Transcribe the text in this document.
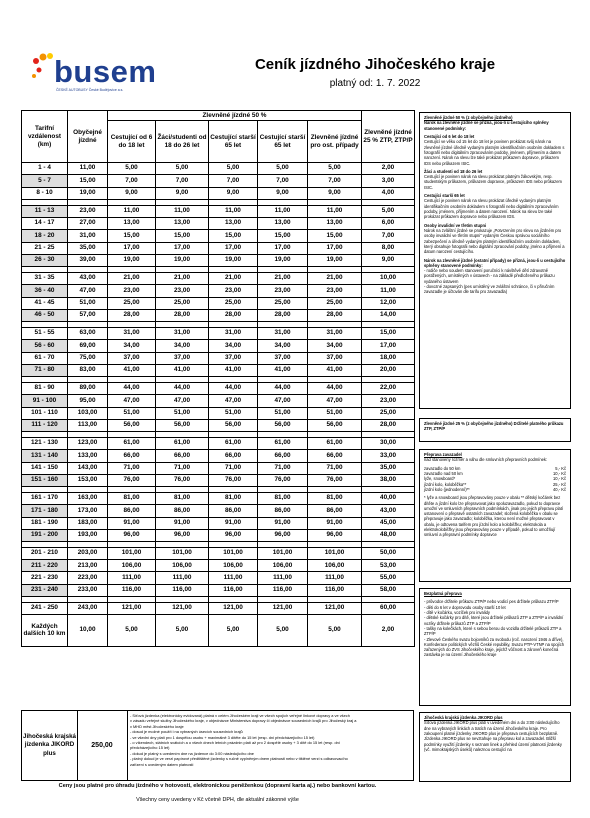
busem
ČESKÉ AUTOBUSY České Budějovice a.s.
Ceník jízdného Jihočeského kraje
platný od: 1. 7. 2022
Tarifní vzdálenost (km)	Obyčejné jízdné	Zlevněné jízdné 50 %					Zlevněné jízdné 25 % ZTP, ZTP/P
		Cestující od 6 do 18 let	Žáci/studenti od 18 do 26 let	Cestující starší 65 let	Cestující starší 65 let	Zlevněné jízdné pro ost. případy	
1 - 4	11,00	5,00	5,00	5,00	5,00	5,00	2,00
5 - 7	15,00	7,00	7,00	7,00	7,00	7,00	3,00
8 - 10	19,00	9,00	9,00	9,00	9,00	9,00	4,00

11 - 13	23,00	11,00	11,00	11,00	11,00	11,00	5,00
14 - 17	27,00	13,00	13,00	13,00	13,00	13,00	6,00
18 - 20	31,00	15,00	15,00	15,00	15,00	15,00	7,00
21 - 25	35,00	17,00	17,00	17,00	17,00	17,00	8,00
26 - 30	39,00	19,00	19,00	19,00	19,00	19,00	9,00

31 - 35	43,00	21,00	21,00	21,00	21,00	21,00	10,00
36 - 40	47,00	23,00	23,00	23,00	23,00	23,00	11,00
41 - 45	51,00	25,00	25,00	25,00	25,00	25,00	12,00
46 - 50	57,00	28,00	28,00	28,00	28,00	28,00	14,00

51 - 55	63,00	31,00	31,00	31,00	31,00	31,00	15,00
56 - 60	69,00	34,00	34,00	34,00	34,00	34,00	17,00
61 - 70	75,00	37,00	37,00	37,00	37,00	37,00	18,00
71 - 80	83,00	41,00	41,00	41,00	41,00	41,00	20,00

81 - 90	89,00	44,00	44,00	44,00	44,00	44,00	22,00
91 - 100	95,00	47,00	47,00	47,00	47,00	47,00	23,00
101 - 110	103,00	51,00	51,00	51,00	51,00	51,00	25,00
111 - 120	113,00	56,00	56,00	56,00	56,00	56,00	28,00

121 - 130	123,00	61,00	61,00	61,00	61,00	61,00	30,00
131 - 140	133,00	66,00	66,00	66,00	66,00	66,00	33,00
141 - 150	143,00	71,00	71,00	71,00	71,00	71,00	35,00
151 - 160	153,00	76,00	76,00	76,00	76,00	76,00	38,00

161 - 170	163,00	81,00	81,00	81,00	81,00	81,00	40,00
171 - 180	173,00	86,00	86,00	86,00	86,00	86,00	43,00
181 - 190	183,00	91,00	91,00	91,00	91,00	91,00	45,00
191 - 200	193,00	96,00	96,00	96,00	96,00	96,00	48,00

201 - 210	203,00	101,00	101,00	101,00	101,00	101,00	50,00
211 - 220	213,00	106,00	106,00	106,00	106,00	106,00	53,00
221 - 230	223,00	111,00	111,00	111,00	111,00	111,00	55,00
231 - 240	233,00	116,00	116,00	116,00	116,00	116,00	58,00

241 - 250	243,00	121,00	121,00	121,00	121,00	121,00	60,00
Každých dalších 10 km	10,00	5,00	5,00	5,00	5,00	5,00	2,00
Jihočeská krajská jízdenka JIKORD plus
250,00
- Síťová jízdenka (elektronicky evidovaná) platná v celém Jihočeském kraji ve všech spojích veřejné linkové dopravy a ve všech
v zásadu veřejné služby Jihočeského kraje, v objednávce Ministerstva dopravy či objednávce sousedních krajů pro Jihočeský kraj a
v MHD měst Jihočeského kraje
- dosud je možné použít i na vybraných úsecích sousedních krajů
- ve všední dny platí pro 1 dospělou osobu + maximálně 3 dítěte do 15 let (resp. dni předcházejícího 15 let)
- o víkendech, státních svátcích a o všech dnech letních prázdnin platí až pro 2 dospělé osoby + 3 dítě do 15 let (resp. dni
předcházejícího 15 let)
- dokud je platný s uvedením dne na jízdence do 3:00 následujícího dne
- platný dokud je ve verzi papírové předtištěné jízdenky s ručně vyplněným dnem platnosti nebo v tištěné verzi s odbavovacího
zařízení s uvedeným datem platnosti
Ceny jsou platné pro úhradu jízdného v hotovosti, elektronickou peněženkou (dopravní karta aj.) nebo bankovní kartou.
Všechny ceny uvedeny v Kč včetně DPH, dle aktuální zákonné výše

Zlevněné jízdné 50 % (z obyčejného jízdného)
Nárok na zlevněné jízdné se přizná, jsou-li u cestujícího splněny stanovené podmínky:

Cestující od 6 let do 18 let
Cestující ve věku od 15 let do 18 let je povinen prokázat svůj nárok na zlevněné jízdné úředně vydaným platným identifikačním osobním dokladem s fotografií nebo digitálním zpracováním podoby, jménem, příjmením a datem narození. Nárok na slevu lze také prokázat průkazem dopravce, průkazem IDS nebo průkazem ISIC.

Žáci a studenti od 18 do 26 let
Cestující je povinen nárok na slevu prokázat platným žákovským, resp. studentským průkazem, průkazem dopravce, průkazem IDS nebo průkazem ISIC.

Cestující starší 65 let
Cestující je povinen nárok na slevu prokázat úředně vydaným platným identifikačním osobním dokladem s fotografií nebo digitálním zpracováním podoby, jménem, příjmením a datem narození. Nárok na slevu lze také prokázat průkazem dopravce nebo průkazem IDS.

Osoby invalidní ve třetím stupni
Nárok na zvláštní jízdné se prokazuje „Potvrzením pro slevu na jízdném pro osoby invalidní ve třetím stupni" vydaným Českou správou sociálního zabezpečení a úředně vydaným platným identifikačním osobním dokladem, který obsahuje fotografii nebo digitální zpracování podoby, jméno a příjmení a datum narození cestujícího.

Nárok na zlevněné jízdné (ostatní případy) se přizná, jsou-li u cestujícího splněny stanovené podmínky:
- rodiče nebo soudem stanovení poručníci k návštěvě dětí zdravotně postižených, umístěných v ústavech - na základě předloženého průkazu vydaného ústavem
- dovozné zapsaných (pes umístěný ve zvláštní schránce, či v přiručním zavazadle je účtován dle tarifu pro zavazadla)

Zlevněné jízdné 25 % (z obyčejného jízdného) Držitelé platného průkazu ZTP, ZTP/P

Přeprava zavazadel
nad stanovený rozměr a váhu dle smluvních přepravních podmínek:

zavazadlo do 50 km	5,- Kč
zavazadlo nad 50 km	10,- Kč
lyže, snowboard*	10,- Kč
jízdní kolo, koloběžka**	25,- Kč
jízdní kolo (jednodenní)**	40,- Kč

* lyže a snowboard jsou přepravovány pouze v obalu ** dětský kočárek bez dítěte a jízdní kolo lze přepravovat jako spoluzavazadlo, pokud to dopravce umožní ve smluvních přepravních podmínkách, jinak pro jejich přepravu platí ustanovení o přepravě ostatních zavazadel; složená koloběžka v obalu se přepravuje jako zavazadlo; koloběžka, kterou není možné přepravovat v obalu, je odtovena tarifem pro jízdní kolo a koloběžku; elektrokola a elektrokoloběžky jsou přepravovány pouze v případě, pokud to umožňují smluvní a přepravní podmínky dopravce

Bezplatná přeprava

- průvodce držitele průkazu ZTP/P nebo vodicí pes držitele průkazu ZTP/P
- děti do 6 let v doprovodu osoby starší 10 let
- dítě v kočárku, vozíček pro invalidy
- dětské kočárky pro dítě, které jsou držitelé průkazů ZTP a ZTP/P a invalidní vozíky držitele průkazů ZTP a ZTP/P
- tašky na kolečkách, které s sebou berou do vozidla držitelé průkazů ZTP a ZTP/P
- Zlevové Českého svazu bojovníků za svobodu (roč. narození 1946 a dříve), Konfederace politických vězňů České republiky, Svazu PTP-VTNP na spojích zařazených do ZVS Jihočeského kraje, jejichž vůčnost a zároveň konečná zastávka je na území Jihočeského kraje

Jihočeská krajská jízdenka JIKORD plus
Síťová jízdenka JIKORD plus platí v uvedeném dni a do 3:00 následujícího dne na vybraných linkách a tratích na území Jihočeského kraje. Pro zakoupení platné jízdenky JIKORD plus je přeprava cestujících bezplatně. Jízdenka JIKORD plus se nevztahuje na přepravu kol a zavazadel. Bližší podmínky využití jízdenky s seznam linek a přehled území platnosti jízdenky (vč. mimokrajských úseků) naleznou cestující na
